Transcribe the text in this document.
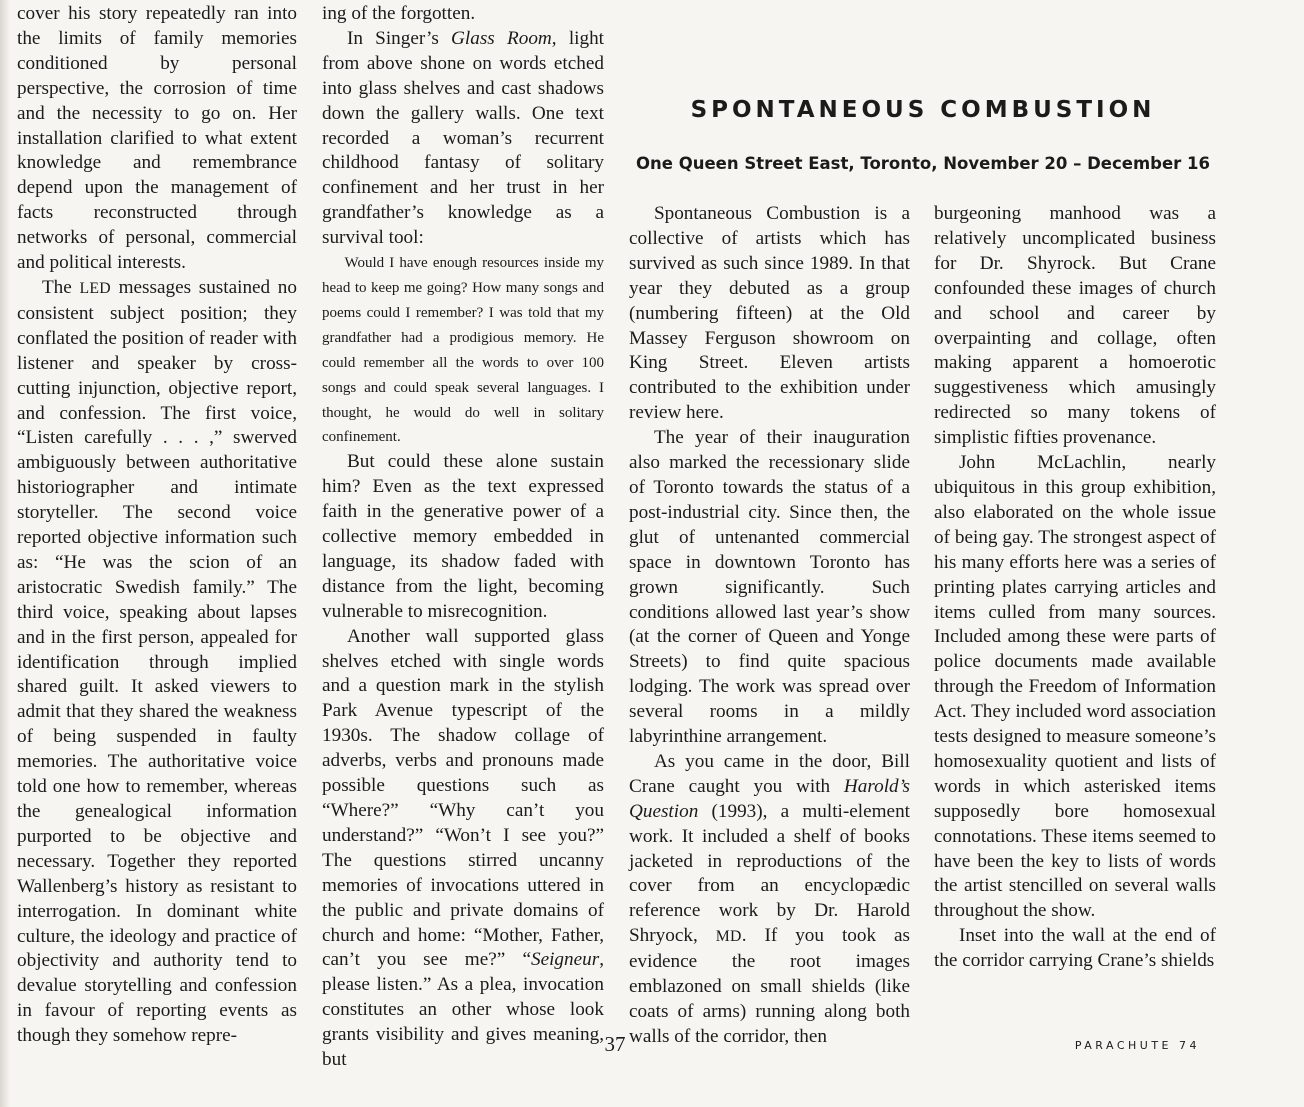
cover his story repeatedly ran into the limits of family memories conditioned by personal perspective, the corrosion of time and the necessity to go on. Her installation clarified to what extent knowledge and remembrance depend upon the management of facts reconstructed through networks of personal, commercial and political interests.

The LED messages sustained no consistent subject position; they conflated the position of reader with listener and speaker by cross-cutting injunction, objective report, and confession. The first voice, “Listen carefully . . . ,” swerved ambiguously between authoritative historiographer and intimate storyteller. The second voice reported objective information such as: “He was the scion of an aristocratic Swedish family.” The third voice, speaking about lapses and in the first person, appealed for identification through implied shared guilt. It asked viewers to admit that they shared the weakness of being suspended in faulty memories. The authoritative voice told one how to remember, whereas the genealogical information purported to be objective and necessary. Together they reported Wallenberg’s history as resistant to interrogation. In dominant white culture, the ideology and practice of objectivity and authority tend to devalue storytelling and confession in favour of reporting events as though they somehow repre-

ing of the forgotten.

In Singer’s Glass Room, light from above shone on words etched into glass shelves and cast shadows down the gallery walls. One text recorded a woman’s recurrent childhood fantasy of solitary confinement and her trust in her grandfather’s knowledge as a survival tool:

Would I have enough resources inside my head to keep me going? How many songs and poems could I remember? I was told that my grandfather had a prodigious memory. He could remember all the words to over 100 songs and could speak several languages. I thought, he would do well in solitary confinement.

But could these alone sustain him? Even as the text expressed faith in the generative power of a collective memory embedded in language, its shadow faded with distance from the light, becoming vulnerable to misrecognition.

Another wall supported glass shelves etched with single words and a question mark in the stylish Park Avenue typescript of the 1930s. The shadow collage of adverbs, verbs and pronouns made possible questions such as “Where?” “Why can’t you understand?” “Won’t I see you?” The questions stirred uncanny memories of invocations uttered in the public and private domains of church and home: “Mother, Father, can’t you see me?” “Seigneur, please listen.” As a plea, invocation constitutes an other whose look grants visibility and gives meaning, but

SPONTANEOUS COMBUSTION
One Queen Street East, Toronto, November 20 – December 16

Spontaneous Combustion is a collective of artists which has survived as such since 1989. In that year they debuted as a group (numbering fifteen) at the Old Massey Ferguson showroom on King Street. Eleven artists contributed to the exhibition under review here.

The year of their inauguration also marked the recessionary slide of Toronto towards the status of a post-industrial city. Since then, the glut of untenanted commercial space in downtown Toronto has grown significantly. Such conditions allowed last year’s show (at the corner of Queen and Yonge Streets) to find quite spacious lodging. The work was spread over several rooms in a mildly labyrinthine arrangement.

As you came in the door, Bill Crane caught you with Harold’s Question (1993), a multi-element work. It included a shelf of books jacketed in reproductions of the cover from an encyclopædic reference work by Dr. Harold Shryock, MD. If you took as evidence the root images emblazoned on small shields (like coats of arms) running along both walls of the corridor, then

burgeoning manhood was a relatively uncomplicated business for Dr. Shyrock. But Crane confounded these images of church and school and career by overpainting and collage, often making apparent a homoerotic suggestiveness which amusingly redirected so many tokens of simplistic fifties provenance.

John McLachlin, nearly ubiquitous in this group exhibition, also elaborated on the whole issue of being gay. The strongest aspect of his many efforts here was a series of printing plates carrying articles and items culled from many sources. Included among these were parts of police documents made available through the Freedom of Information Act. They included word association tests designed to measure someone’s homosexuality quotient and lists of words in which asterisked items supposedly bore homosexual connotations. These items seemed to have been the key to lists of words the artist stencilled on several walls throughout the show.

Inset into the wall at the end of the corridor carrying Crane’s shields

37	PARACHUTE 74
